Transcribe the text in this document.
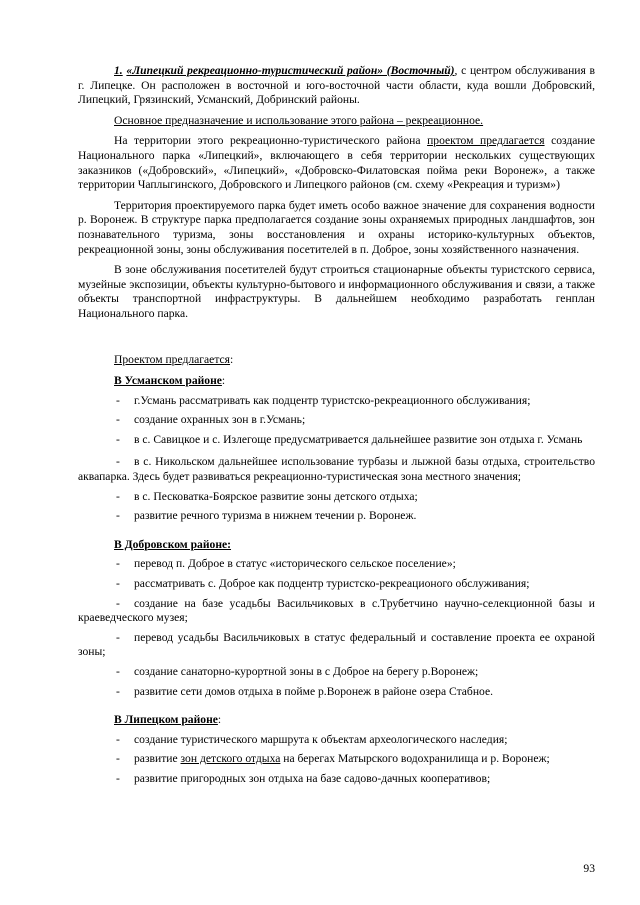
1. «Липецкий рекреационно-туристический район» (Восточный), с центром обслуживания в г. Липецке. Он расположен в восточной и юго-восточной части области, куда вошли Добровский, Липецкий, Грязинский, Усманский, Добринский районы.

Основное предназначение и использование этого района – рекреационное.

На территории этого рекреационно-туристического района проектом предлагается создание Национального парка «Липецкий», включающего в себя территории нескольких существующих заказников («Добровский», «Липецкий», «Добровско-Филатовская пойма реки Воронеж», а также территории Чаплыгинского, Добровского и Липецкого районов (см. схему «Рекреация и туризм»)

Территория проектируемого парка будет иметь особо важное значение для сохранения водности р. Воронеж. В структуре парка предполагается создание зоны охраняемых природных ландшафтов, зон познавательного туризма, зоны восстановления и охраны историко-культурных объектов, рекреационной зоны, зоны обслуживания посетителей в п. Доброе, зоны хозяйственного назначения.

В зоне обслуживания посетителей будут строиться стационарные объекты туристского сервиса, музейные экспозиции, объекты культурно-бытового и информационного обслуживания и связи, а также объекты транспортной инфраструктуры. В дальнейшем необходимо разработать генплан Национального парка.

Проектом предлагается:

В Усманском районе:

-	г.Усмань рассматривать как подцентр туристско-рекреационного обслуживания;
-	создание охранных зон в г.Усмань;

- в с. Савицкое и с. Излегоще предусматривается дальнейшее развитие зон отдыха г. Усмань

- в с. Никольском дальнейшее использование турбазы и лыжной базы отдыха, строительство аквапарка. Здесь будет развиваться рекреационно-туристическая зона местного значения;

-	в с. Песковатка-Боярское развитие зоны детского отдыха;
-	развитие речного туризма в нижнем течении р. Воронеж.

В Добровском районе:

-	перевод п. Доброе в статус «исторического сельское поселение»;
-	рассматривать с. Доброе как подцентр туристско-рекреационого обслуживания;

- создание на базе усадьбы Васильчиковых в с.Трубетчино научно-селекционной базы и краеведческого музея;

- перевод усадьбы Васильчиковых в статус федеральный и составление проекта ее охраной зоны;

-	создание санаторно-курортной зоны в с Доброе на берегу р.Воронеж;
-	развитие сети домов отдыха в пойме р.Воронеж в районе озера Стабное.

В Липецком районе:

-	создание туристического маршрута к объектам археологического наследия;

- развитие зон детского отдыха на берегах Матырского водохранилища и р. Воронеж;

-	развитие пригородных зон отдыха на базе садово-дачных кооперативов;
93
